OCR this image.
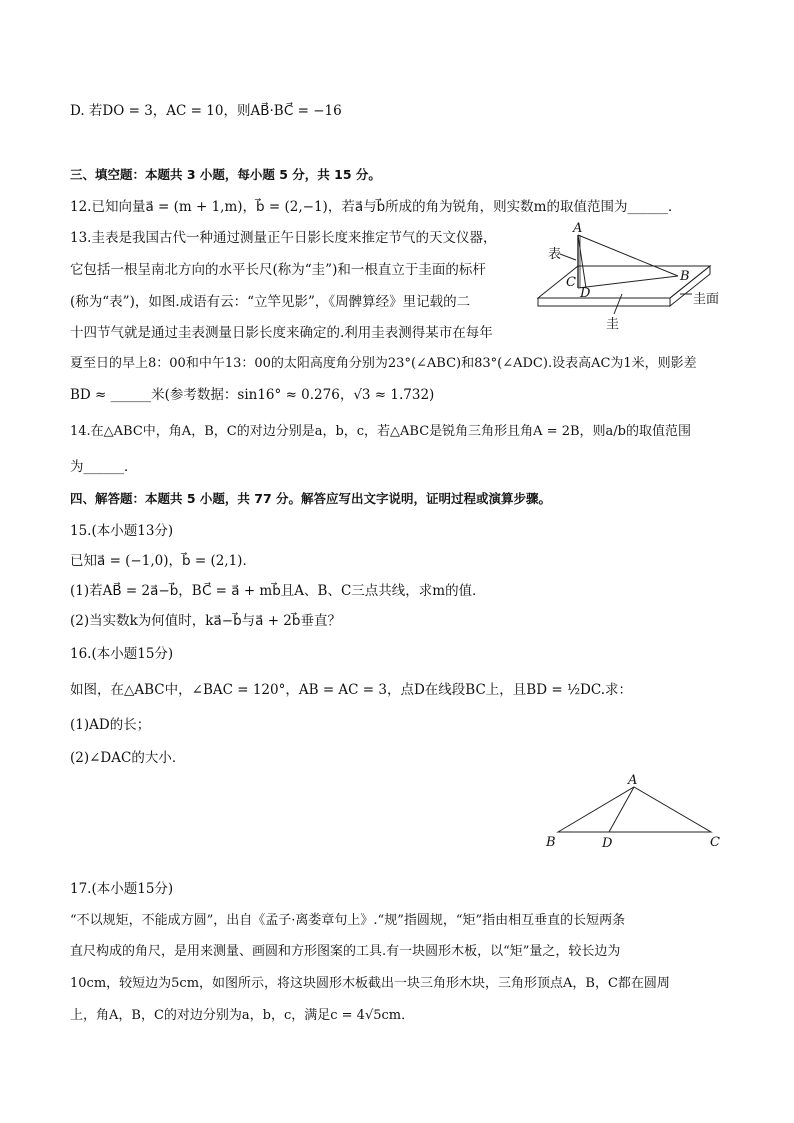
D. 若DO = 3，AC = 10，则AB⃗·BC⃗ = −16
三、填空题：本题共 3 小题，每小题 5 分，共 15 分。
12.已知向量a⃗ = (m + 1,m)，b⃗ = (2,−1)，若a⃗与b⃗所成的角为锐角，则实数m的取值范围为______．
13.圭表是我国古代一种通过测量正午日影长度来推定节气的天文仪器，
它包括一根呈南北方向的水平长尺(称为“圭”)和一根直立于圭面的标杆
(称为“表”)，如图.成语有云：“立竿见影”，《周髀算经》里记载的二
十四节气就是通过圭表测量日影长度来确定的.利用圭表测得某市在每年
夏至日的早上8：00和中午13：00的太阳高度角分别为23°(∠ABC)和83°(∠ADC).设表高AC为1米，则影差
BD ≈ ______米(参考数据：sin16° ≈ 0.276，√3 ≈ 1.732)
14.在△ABC中，角A，B，C的对边分别是a，b，c，若△ABC是锐角三角形且角A = 2B，则a/b的取值范围
为______．
四、解答题：本题共 5 小题，共 77 分。解答应写出文字说明，证明过程或演算步骤。
15.(本小题13分)
已知a⃗ = (−1,0)，b⃗ = (2,1)．
(1)若AB⃗ = 2a⃗−b⃗，BC⃗ = a⃗ + mb⃗且A、B、C三点共线，求m的值．
(2)当实数k为何值时，ka⃗−b⃗与a⃗ + 2b⃗垂直？
16.(本小题15分)
如图，在△ABC中，∠BAC = 120°，AB = AC = 3，点D在线段BC上，且BD = ½DC.求：
(1)AD的长；
(2)∠DAC的大小．
17.(本小题15分)
“不以规矩，不能成方圆”，出自《孟子·离娄章句上》.“规”指圆规，“矩”指由相互垂直的长短两条
直尺构成的角尺，是用来测量、画圆和方形图案的工具.有一块圆形木板，以“矩”量之，较长边为
10cm，较短边为5cm，如图所示，将这块圆形木板截出一块三角形木块，三角形顶点A，B，C都在圆周
上，角A，B，C的对边分别为a，b，c，满足c = 4√5cm．
A
B
C
D
表
圭面
圭
A
B	C
D
